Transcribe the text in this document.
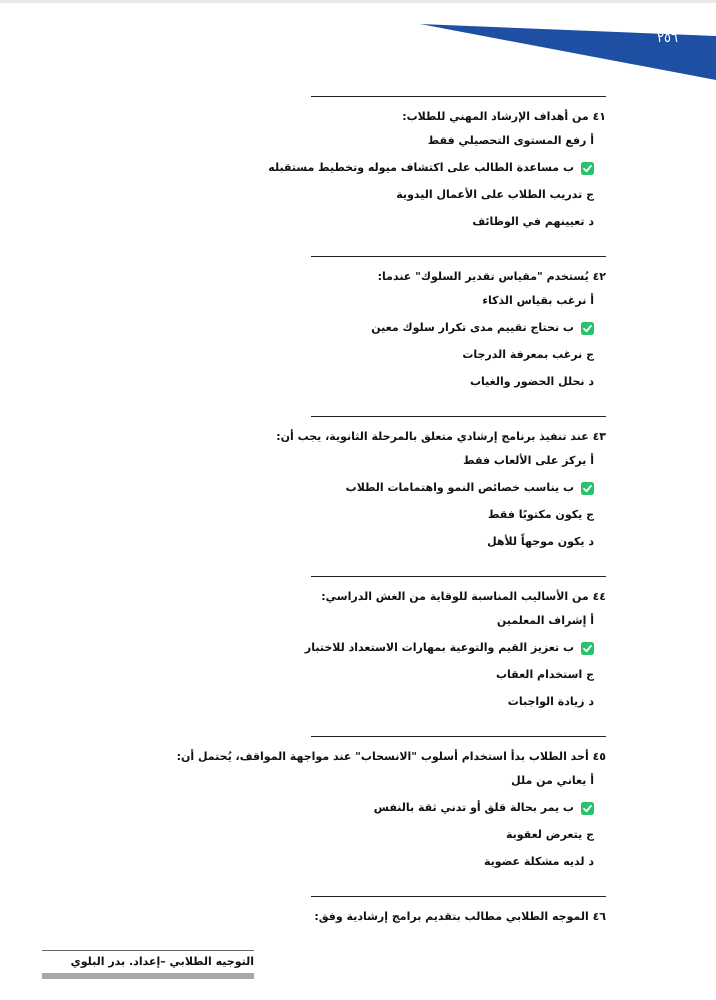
٢٥٦
٤١ من أهداف الإرشاد المهني للطلاب:
أ رفع المستوى التحصيلي فقط
ب مساعدة الطالب على اكتشاف ميوله وتخطيط مستقبله
ج تدريب الطلاب على الأعمال اليدوية
د تعيينهم في الوظائف
٤٢ يُستخدم "مقياس تقدير السلوك" عندما:
أ نرغب بقياس الذكاء
ب نحتاج تقييم مدى تكرار سلوك معين
ج نرغب بمعرفة الدرجات
د نحلل الحضور والغياب
٤٣ عند تنفيذ برنامج إرشادي متعلق بالمرحلة الثانوية، يجب أن:
أ يركز على الألعاب فقط
ب يناسب خصائص النمو واهتمامات الطلاب
ج يكون مكتوبًا فقط
د يكون موجهاً للأهل
٤٤ من الأساليب المناسبة للوقاية من الغش الدراسي:
أ إشراف المعلمين
ب تعزيز القيم والتوعية بمهارات الاستعداد للاختبار
ج استخدام العقاب
د زيادة الواجبات
٤٥ أحد الطلاب بدأ استخدام أسلوب "الانسحاب" عند مواجهة المواقف، يُحتمل أن:
أ يعاني من ملل
ب يمر بحالة قلق أو تدني ثقة بالنفس
ج يتعرض لعقوبة
د لديه مشكلة عضوية
٤٦ الموجه الطلابي مطالب بتقديم برامج إرشادية وفق:
التوجيه الطلابي –إعداد. بدر البلوي
